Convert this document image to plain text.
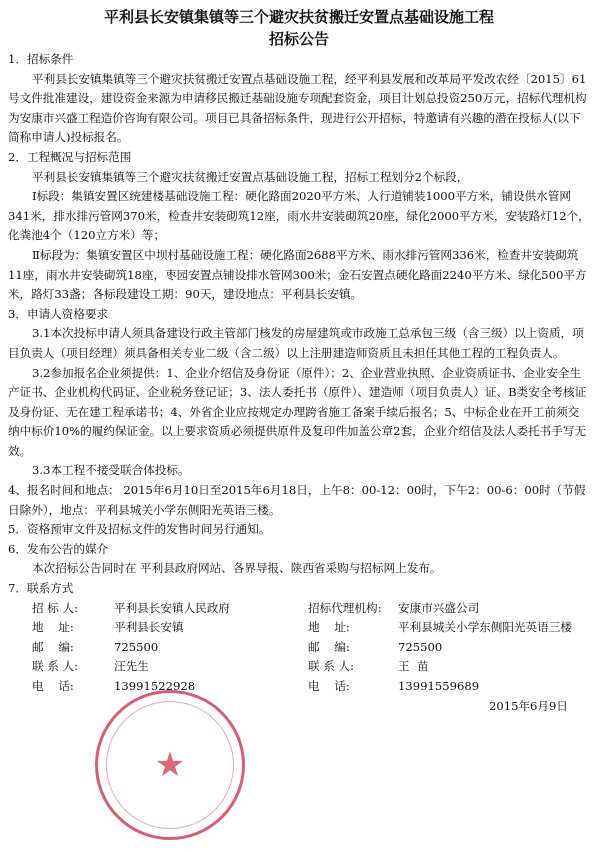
平利县长安镇集镇等三个避灾扶贫搬迁安置点基础设施工程
招标公告
1．招标条件

平利县长安镇集镇等三个避灾扶贫搬迁安置点基础设施工程，经平利县发展和改革局平发改农经〔2015〕61号文件批准建设，建设资金来源为申请移民搬迁基础设施专项配套资金，项目计划总投资250万元，招标代理机构为安康市兴盛工程造价咨询有限公司。项目已具备招标条件，现进行公开招标，特邀请有兴趣的潜在投标人(以下简称申请人)投标报名。

2．工程概况与招标范围

平利县长安镇集镇等三个避灾扶贫搬迁安置点基础设施工程，招标工程划分2个标段，

Ⅰ标段：集镇安置区统建楼基础设施工程：硬化路面2020平方米、人行道铺装1000平方米，铺设供水管网341米，排水排污管网370米，检查井安装砌筑12座，雨水井安装砌筑20座，绿化2000平方米，安装路灯12个，化粪池4个（120立方米）等；

Ⅱ标段为：集镇安置区中坝村基础设施工程：硬化路面2688平方米、雨水排污管网336米，检查井安装砌筑11座，雨水井安装砌筑18座，枣园安置点铺设排水管网300米；金石安置点硬化路面2240平方米、绿化500平方米，路灯33盏；各标段建设工期：90天，建设地点：平利县长安镇。

3．申请人资格要求

3.1本次投标申请人须具备建设行政主管部门核发的房屋建筑或市政施工总承包三级（含三级）以上资质，项目负责人（项目经理）须具备相关专业二级（含二级）以上注册建造师资质且未担任其他工程的工程负责人。

3.2参加报名企业须提供：1、企业介绍信及身份证（原件）；2、企业营业执照、企业资质证书、企业安全生产证书、企业机构代码证、企业税务登记证；3、法人委托书（原件）、建造师（项目负责人）证、B类安全考核证及身份证、无在建工程承诺书；4、外省企业应按规定办理跨省施工备案手续后报名；5、中标企业在开工前须交纳中标价10%的履约保证金。以上要求资质必须提供原件及复印件加盖公章2套，企业介绍信及法人委托书手写无效。

3.3本工程不接受联合体投标。

4、报名时间和地点： 2015年6月10日至2015年6月18日，上午8：00-12：00时，下午2：00-6：00时（节假日除外），地点：平利县城关小学东侧阳光英语三楼。

5．资格预审文件及招标文件的发售时间另行通知。

6．发布公告的媒介

本次招标公告同时在 平利县政府网站、各界导报、陕西省采购与招标网上发布。

7．联系方式
招 标 人:	平利县长安镇人民政府
地    址:	平利县长安镇
邮    编:	725500
联 系 人:	汪先生
电    话:	13991522928
招标代理机构:	安康市兴盛公司
地    址:	平利县城关小学东侧阳光英语三楼
邮    编:	725500
联 系 人:	王  苗
电    话:	13991559689
2015年6月9日
★
